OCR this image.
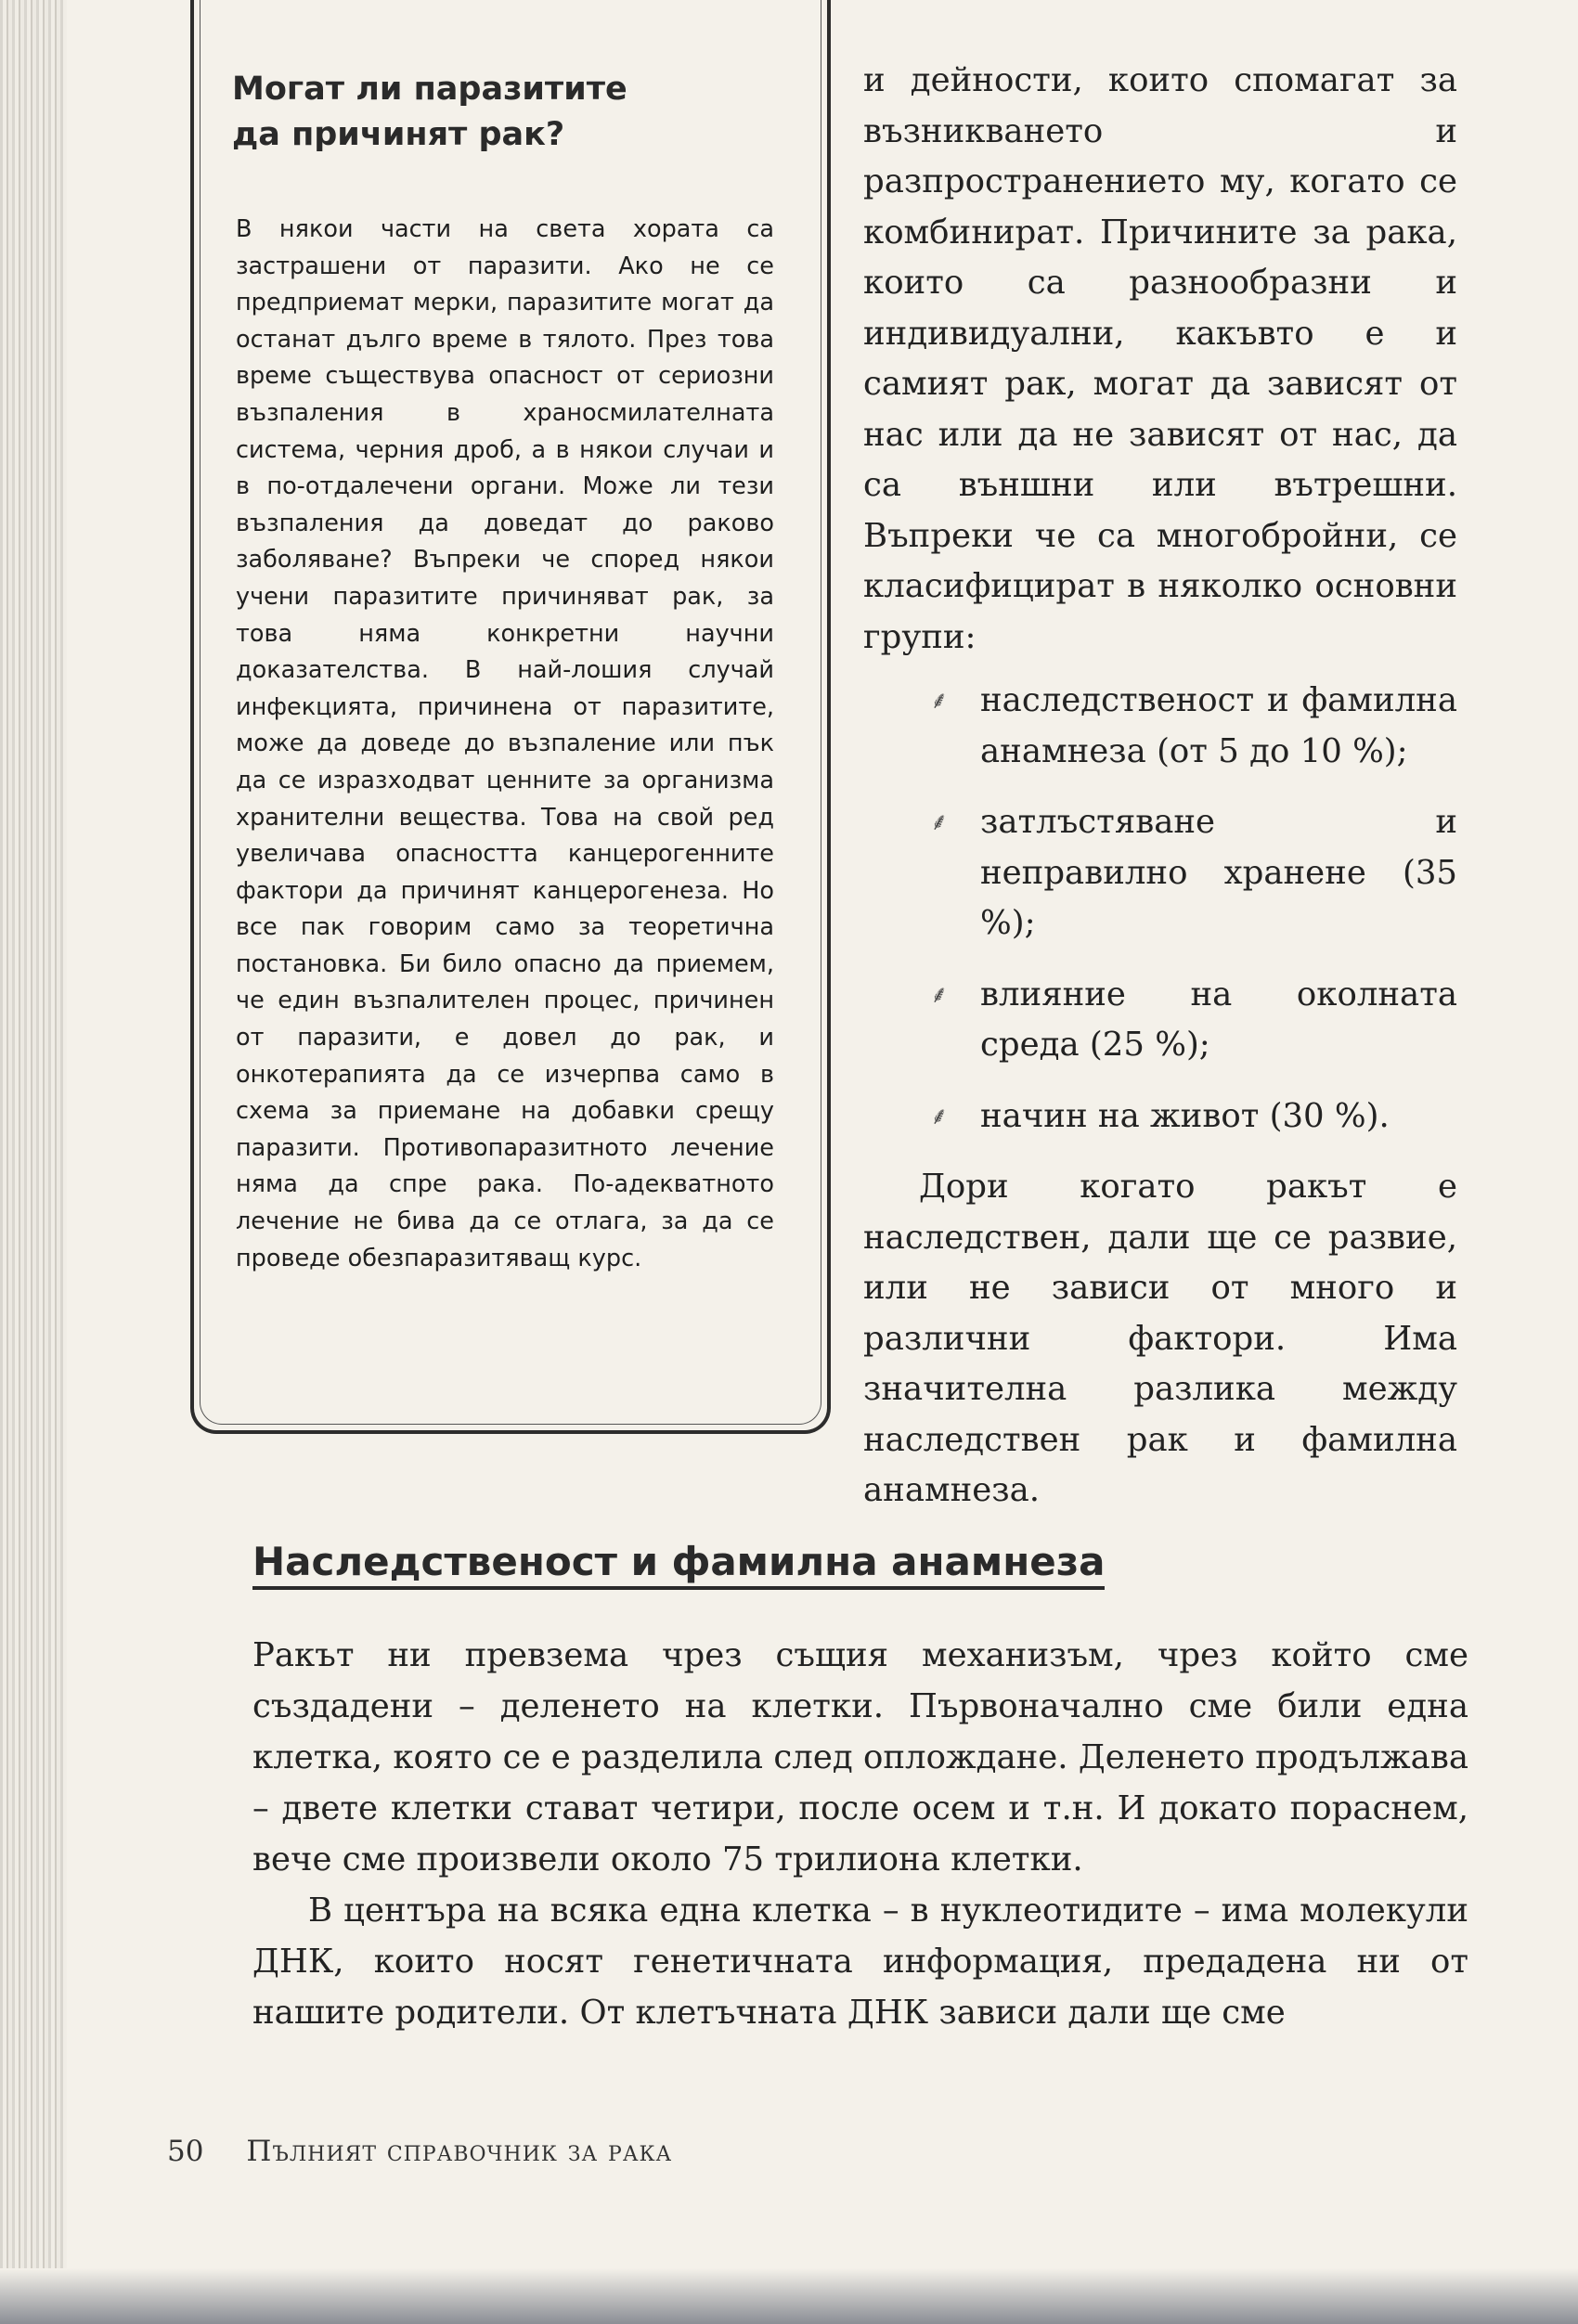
Могат ли паразитите
да причинят рак?
В някои части на света хората са застрашени от паразити. Ако не се предприемат мерки, паразитите могат да останат дълго време в тялото. През това време съществува опасност от сериозни възпаления в храносмилателната система, черния дроб, а в някои случаи и в по-отдалечени органи. Може ли тези възпаления да доведат до раково заболяване? Въпреки че според някои учени паразитите причиняват рак, за това няма конкретни научни доказателства. В най-лошия случай инфекцията, причинена от паразитите, може да доведе до възпаление или пък да се изразходват ценните за организма хранителни вещества. Това на свой ред увеличава опасността канцерогенните фактори да причинят канцерогенеза. Но все пак говорим само за теоретична постановка. Би било опасно да приемем, че един възпалителен процес, причинен от паразити, е довел до рак, и онкотерапията да се изчерпва само в схема за приемане на добавки срещу паразити. Противопаразитното лечение няма да спре рака. По-адекватното лечение не бива да се отлага, за да се проведе обезпаразитяващ курс.

и дейности, които спомагат за възникването и разпространението му, когато се комбинират. Причините за рака, които са разнообразни и индивидуални, какъвто е и самият рак, могат да зависят от нас или да не зависят от нас, да са външни или вътрешни. Въпреки че са многобройни, се класифицират в няколко основни групи:

⸙ наследственост и фамилна анамнеза (от 5 до 10 %);
⸙ затлъстяване и неправилно хранене (35 %);
⸙ влияние на околната среда (25 %);
⸙ начин на живот (30 %).

Дори когато ракът е наследствен, дали ще се развие, или не зависи от много и различни фактори. Има значителна разлика между наследствен рак и фамилна анамнеза.

Наследственост и фамилна анамнеза

Ракът ни превзема чрез същия механизъм, чрез който сме създадени – деленето на клетки. Първоначално сме били една клетка, която се е разделила след оплождане. Деленето продължава – двете клетки стават четири, после осем и т.н. И докато пораснем, вече сме произвели около 75 трилиона клетки.

В центъра на всяка една клетка – в нуклеотидите – има молекули ДНК, които носят генетичната информация, предадена ни от нашите родители. От клетъчната ДНК зависи дали ще сме

50 Пълният справочник за рака
